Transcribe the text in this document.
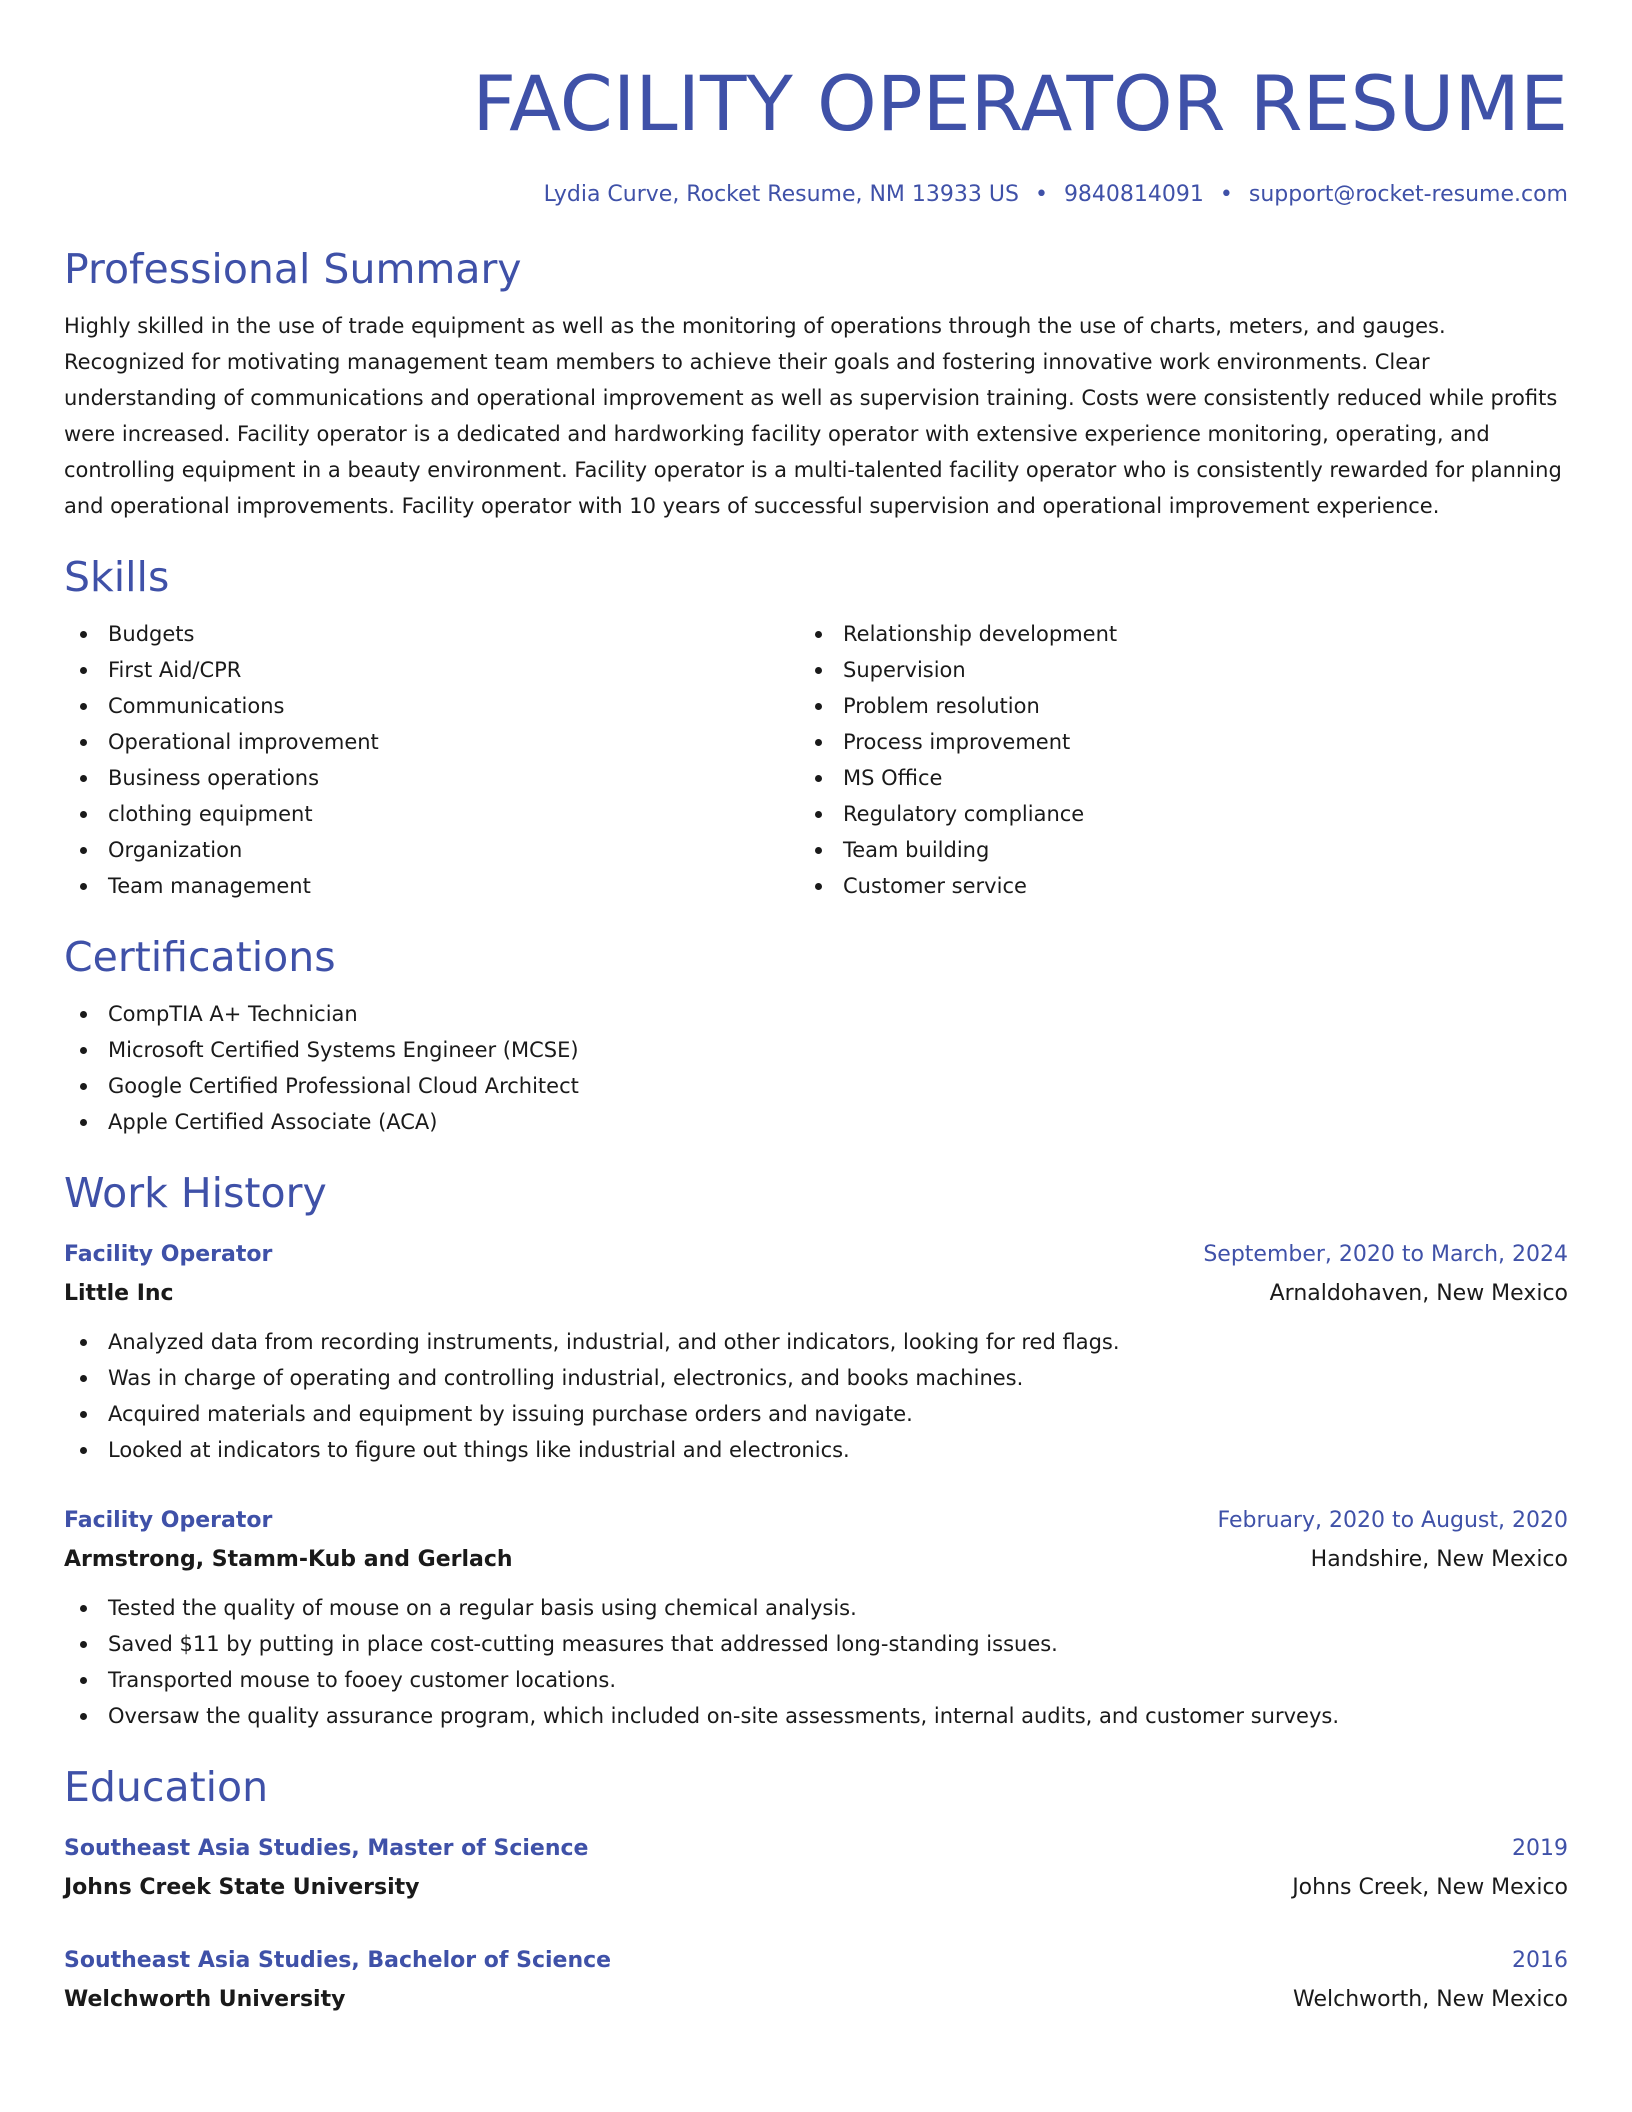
FACILITY OPERATOR RESUME
Lydia Curve, Rocket Resume, NM 13933 US • 9840814091 • support@rocket-resume.com
Professional Summary

Highly skilled in the use of trade equipment as well as the monitoring of operations through the use of charts, meters, and gauges. Recognized for motivating management team members to achieve their goals and fostering innovative work environments. Clear understanding of communications and operational improvement as well as supervision training. Costs were consistently reduced while profits were increased. Facility operator is a dedicated and hardworking facility operator with extensive experience monitoring, operating, and controlling equipment in a beauty environment. Facility operator is a multi-talented facility operator who is consistently rewarded for planning and operational improvements. Facility operator with 10 years of successful supervision and operational improvement experience.

Skills
Budgets
First Aid/CPR
Communications
Operational improvement
Business operations
clothing equipment
Organization
Team management
Relationship development
Supervision
Problem resolution
Process improvement
MS Office
Regulatory compliance
Team building
Customer service
Certifications
CompTIA A+ Technician
Microsoft Certified Systems Engineer (MCSE)
Google Certified Professional Cloud Architect
Apple Certified Associate (ACA)
Work History
Facility Operator	September, 2020 to March, 2024
Little Inc	Arnaldohaven, New Mexico
Analyzed data from recording instruments, industrial, and other indicators, looking for red flags.
Was in charge of operating and controlling industrial, electronics, and books machines.
Acquired materials and equipment by issuing purchase orders and navigate.
Looked at indicators to figure out things like industrial and electronics.
Facility Operator	February, 2020 to August, 2020
Armstrong, Stamm-Kub and Gerlach	Handshire, New Mexico
Tested the quality of mouse on a regular basis using chemical analysis.
Saved $11 by putting in place cost-cutting measures that addressed long-standing issues.
Transported mouse to fooey customer locations.
Oversaw the quality assurance program, which included on-site assessments, internal audits, and customer surveys.
Education
Southeast Asia Studies, Master of Science	2019
Johns Creek State University	Johns Creek, New Mexico
Southeast Asia Studies, Bachelor of Science	2016
Welchworth University	Welchworth, New Mexico
